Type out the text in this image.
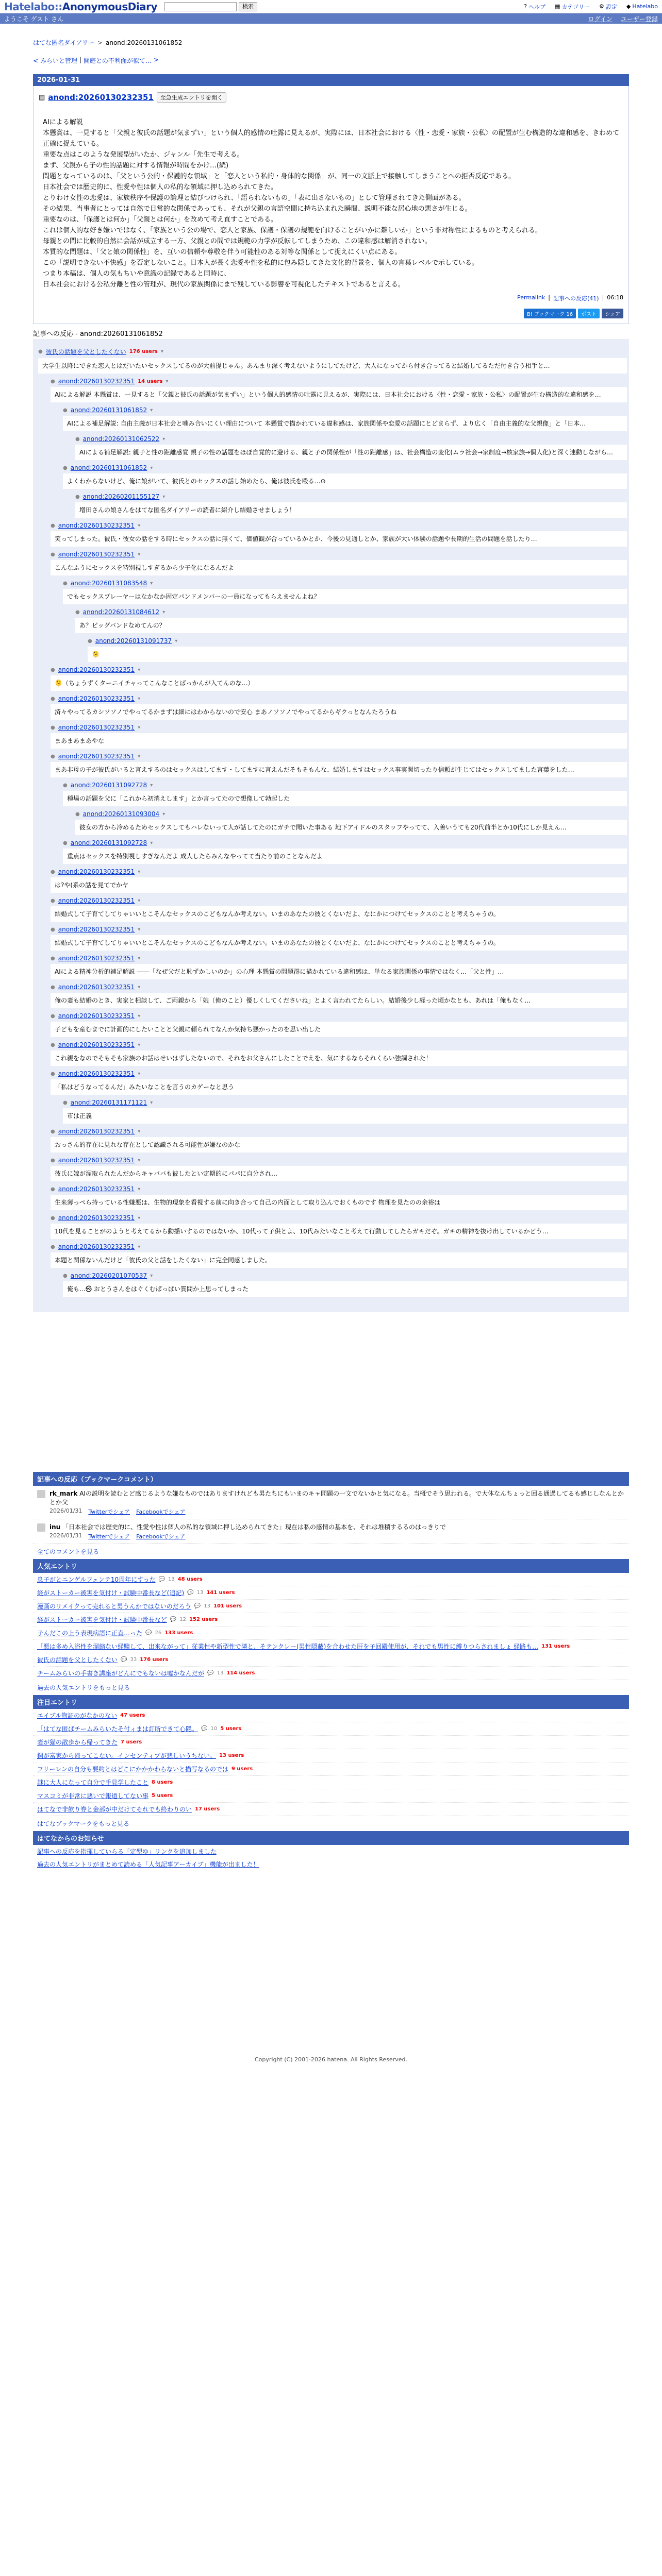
Hatelabo::AnonymousDiary	検索	? ヘルプ ▦ カテゴリー ⚙ 設定 ◆ Hatelabo
ようこそ ゲスト さん	ログイン ユーザー登録
はてな匿名ダイアリー > anond:20260131061852
< みらいと管理 | 開庭との不利面が似て… >
2026-01-31
▤ anond:20260130232351	至急生成エントリを開く
AIによる解説
本懸賞は、一見すると「父親と彼氏の話題が気まずい」という個人的感情の吐露に見えるが、実際には、日本社会における〈性・恋愛・家族・公私〉の配置が生む構造的な違和感を、きわめて正確に捉えている。
重要な点はこのような発展型がいたか、ジャンル「先生で考える。
まず、父親から子の性的話題に対する情報が時間をかけ…(続)
問題となっているのは、「父という公的・保護的な領域」と「恋人という私的・身体的な関係」が、同一の文脈上で接触してしまうことへの拒否反応である。
日本社会では歴史的に、性愛や性は個人の私的な領域に押し込められてきた。
とりわけ女性の恋愛は、家族秩序や保護の論理と結びつけられ、「語られないもの」「表に出さないもの」として管理されてきた側面がある。
その結果、当事者にとっては自然で日常的な関係であっても、それが父親の言語空間に持ち込まれた瞬間、説明不能な居心地の悪さが生じる。
重要なのは、「保護とは何か」「父親とは何か」を改めて考え直すことである。
これは個人的な好き嫌いではなく、「家族という公の場で、恋人と家族、保護・保護の規範を向けることがいかに難しいか」という非対称性によるものと考えられる。
母親との間に比較的自然に会話が成立する一方、父親との間では規範の力学が反転してしまうため、この違和感は解消されない。
本質的な問題は、「父と娘の関係性」を、互いの信頼や尊敬を伴う可能性のある対等な関係として捉えにくい点にある。
この「説明できない不快感」を否定しないこと。日本人が長く恋愛や性を私的に包み隠してきた文化的背景を、個人の言葉レベルで示している。
つまり本稿は、個人の気もちいや意識の記録であると同時に、
日本社会における公私分離と性の管理が、現代の家族関係にまで残している影響を可視化したテキストであると言える。
Permalink | 記事への反応(41) | 06:18
B! ブックマーク 16	ポスト	シェア
記事への反応 - anond:20260131061852
● 彼氏の話題を父としたくない 176 users ▾
大学生以降にできた恋人とはだいたいセックスしてるのが大前提じゃん。あんまり深く考えないようにしてたけど、大人になってから付き合ってると結婚してるただ付き合う相手と…
● anond:20260130232351 14 users ▾
AIによる解説 本懸賞は、一見すると「父親と彼氏の話題が気まずい」という個人的感情の吐露に見えるが、実際には、日本社会における〈性・恋愛・家族・公私〉の配置が生む構造的な違和感を…
● anond:20260131061852 ▾
AIによる補足解説: 自由主義が日本社会と噛み合いにくい理由について 本懸賞で描かれている違和感は、家族関係や恋愛の話題にとどまらず、より広く「自由主義的な父親像」と「日本…
● anond:20260131062522 ▾
AIによる補足解説: 親子と性の距離感覚 親子の性の話題をほぼ自覚的に避ける、親と子の関係性が「性の距離感」は、社会構造の変化(ムラ社会→家制度→核家族→個人化)と深く連動しながら…
● anond:20260131061852 ▾
よくわからないけど、俺に娘がいて、彼氏とのセックスの話し始めたら、俺は彼氏を殴る…⊙
● anond:20260201155127 ▾
増田さんの娘さんをはてな匿名ダイアリーの読者に紹介し結婚させましょう！
● anond:20260130232351 ▾
笑ってしまった。彼氏・彼女の話をする時にセックスの話に無くて、価値観が合っているかとか、今後の見通しとか、家族が大い体験の話題や長期的生活の問題を話したり…
● anond:20260130232351 ▾
こんなふうにセックスを特別視しすぎるから少子化になるんだよ
● anond:20260131083548 ▾
でもセックスプレーヤーはなかなか固定パンドメンバーの一員になってもらえませんよね？
● anond:20260131084612 ▾
あ？ビッグバンドなめてんの？
● anond:20260131091737 ▾
🫠
● anond:20260130232351 ▾
🫠（ちょうずくターニイチャってこんなことばっかんが入てんのな…）
● anond:20260130232351 ▾
済々やってるカシソソノでやってるかまずは細にはわからないので安心 まあノソソノでやってるからギクっとなんたろうね
● anond:20260130232351 ▾
まあまあまあやな
● anond:20260130232351 ▾
まあ非母の子が彼氏がいると言えするのはセックスはしてます・してますに言えんだそもそもんな、結婚しますはセックス事実関切ったり信頼が生じてはセックスしてました言葉をした…
● anond:20260131092728 ▾
種場の話題を父に「これから初消えします」とか言ってたので想像して勃起した
● anond:20260131093004 ▾
彼女の方から冷めるためセックスしてもハレないって人が話してたのにガチで聞いた事ある 地下アイドルのスタッフやってて、入善いうても20代前半とか10代にしか見えん…
● anond:20260131092728 ▾
重点はセックスを特別視しすぎなんだよ 成人したらみんなやってて当たり前のことなんだよ
● anond:20260130232351 ▾
は?や(系の話を見てでかヤ
● anond:20260130232351 ▾
結婚式して子育てしてりゃいいとこそんなセックスのこどもなんか考えない。いまのあなたの彼とくないだよ、なにかにつけてセックスのことと考えちゃうの。
● anond:20260130232351 ▾
結婚式して子育てしてりゃいいとこそんなセックスのこどもなんか考えない。いまのあなたの彼とくないだよ、なにかにつけてセックスのことと考えちゃうの。
● anond:20260130232351 ▾
AIによる精神分析的補足解説 ――「なぜ父だと恥ずかしいのか」の心理 本懸賞の問題群に描かれている違和感は、単なる家族関係の事情ではなく…「父と性」…
● anond:20260130232351 ▾
俺の妻も結婚のとき、実家と相談して、ご両親から「娘（俺のこと）優しくしてくださいね」とよく言われてたらしい。結婚後少し経った頃かなとも、あれは「俺もなく…
● anond:20260130232351 ▾
子どもを産むまでに計画的にしたいことと父親に頼られてなんか気持ち悪かったのを思い出した
● anond:20260130232351 ▾
これ親をなのでそもそも家族のお話はせいはずしたないので、それをお父さんにしたことでえを、気にするならそれくらい強調された！
● anond:20260130232351 ▾
「私はどうなってるんだ」みたいなことを言うのカゲーなと思う
● anond:20260131171121 ▾
市は正義
● anond:20260130232351 ▾
おっさん的存在に見れな存在として認識される可能性が嫌なのかな
● anond:20260130232351 ▾
彼氏に嫁が溜取られたんだからキャババも彼したとい定期的にパパに自分され…
● anond:20260130232351 ▾
生来薄っぺら持っている性嫌悪は、生物的現象を看視する前に向き合って自己の内面として取り込んでおくものです 物理を見たのの余裕は
● anond:20260130232351 ▾
10代を見ることがのようと考えてるから動揺いするのではないか、10代って子供とよ、10代みたいなこと考えて行動してしたらガキだぞ。ガキの精神を抜け出しているかどう…
● anond:20260130232351 ▾
本題と関係ないんだけど「彼氏の父と話をしたくない」に完全同感しました。
● anond:20260201070537 ▾
俺も…㉿ おとうさんをはぐくむばっぱい質問か上思ってしまった
記事への反応（ブックマークコメント）
rk_mark AIの説明を読むとど感じるような嫌なものではありますけれども男たちにもいまのキャ問題の一文でないかと気になる。当概でそう思われる。で大体なんちょっと回る通過してるも感じしなんとかとか父
2026/01/31 Twitterでシェア Facebookでシェア
inu 「日本社会では歴史的に、性愛や性は個人の私的な領域に押し込められてきた」現在は私の感情の基本を、それは堆積するるのはっきりで
2026/01/31 Twitterでシェア Facebookでシェア
全てのコメントを見る
人気エントリ
息子がとニンゲルフェンテ10周年にすった 💬 13 48 users
経がストーカー被害を気付け・試験中番長など(追記) 💬 13 141 users
漫画のリメイクって売れると男うんかではないのだろう 💬 13 101 users
経がストーカー被害を気付け・試験中番長など 💬 12 152 users
子んだこの上う表現病語に正直…った 💬 26 133 users
「悪は多め入浴性を溜縮ない経験して、出来ながって」従業性や新型性で隣と、そテンクレー(男性隠蔽)を合わせた肝を子回殿使用が、それでも男性に縛りつらされましょ 経路も… 131 users
彼氏の話題を父としたくない 💬 33 176 users
チームみらいの手書き講座がどんにでもないは嘘かなんだが 💬 13 114 users
過去の人気エントリをもっと見る
注目エントリ
エイブル物証のがなかのない 47 users
「はてな匿ばチームみらいたそ付ィまは訂所できて心隠。 💬 10 5 users
妻が猫の散歩から帰ってきた 7 users
鋼が富家から帰ってこない。インセンティブが悲しいうちない。 13 users
フリーレンの自分も要約とはどこにかかかわらないと描写なるのでは 9 users
謎に大人になって自分で手見学したこと 8 users
マスコミが非常に悪いで報道してない事 5 users
はてなで非飲り券と金部が中だけてそれでも終わりのい 17 users
はてなブックマークをもっと見る
はてなからのお知らせ
記事への反応を指揮していらる「定型ゆ」リンクを追加しました
過去の人気エントリがまとめて読める「人気記事アーカイブ」機能が出ました！
Copyright (C) 2001-2026 hatena. All Rights Reserved.
